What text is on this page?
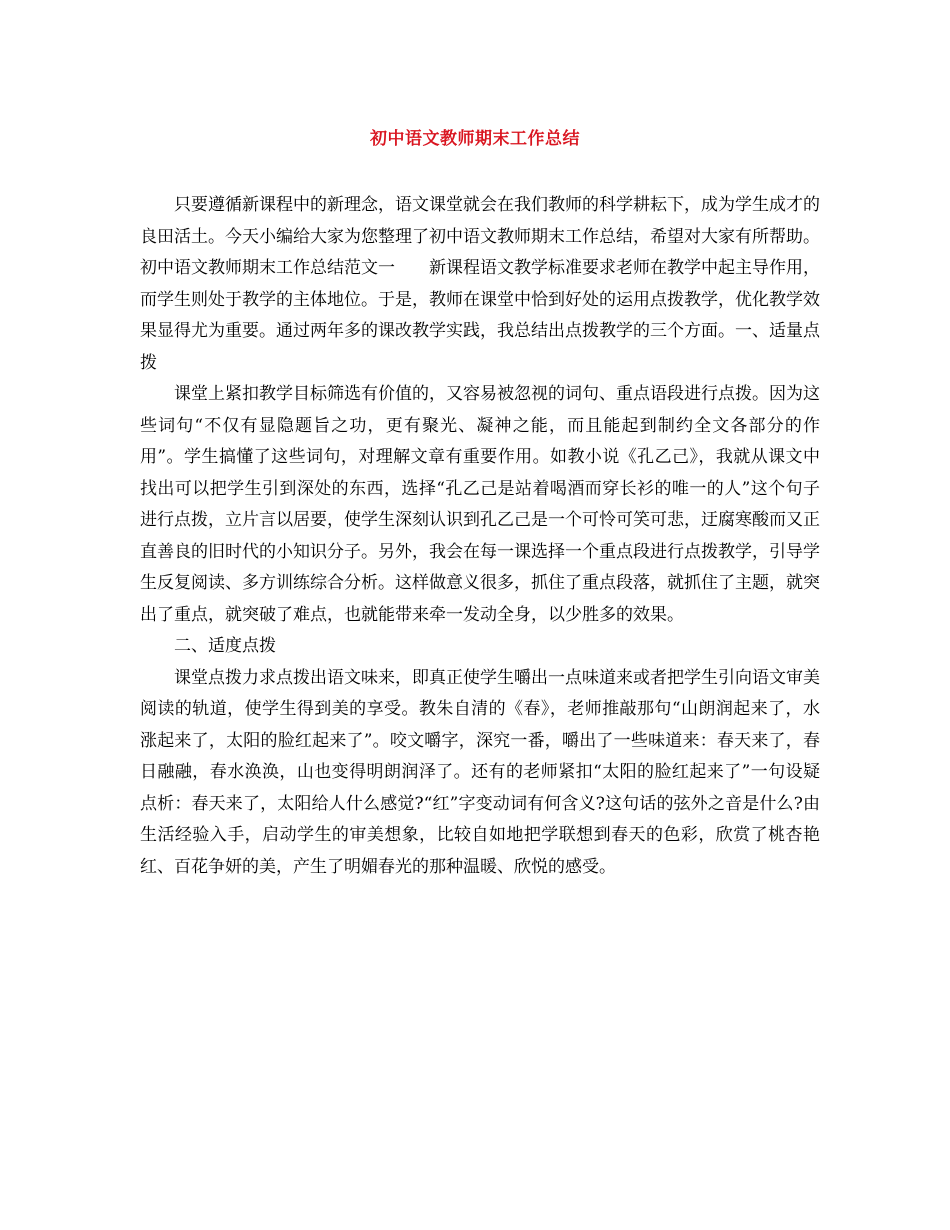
初中语文教师期末工作总结

只要遵循新课程中的新理念，语文课堂就会在我们教师的科学耕耘下，成为学生成才的良田活土。今天小编给大家为您整理了初中语文教师期末工作总结，希望对大家有所帮助。

初中语文教师期末工作总结范文一　　新课程语文教学标准要求老师在教学中起主导作用，而学生则处于教学的主体地位。于是，教师在课堂中恰到好处的运用点拨教学，优化教学效果显得尤为重要。通过两年多的课改教学实践，我总结出点拨教学的三个方面。一、适量点拨

课堂上紧扣教学目标筛选有价值的，又容易被忽视的词句、重点语段进行点拨。因为这些词句“不仅有显隐题旨之功，更有聚光、凝神之能，而且能起到制约全文各部分的作用”。学生搞懂了这些词句，对理解文章有重要作用。如教小说《孔乙己》，我就从课文中找出可以把学生引到深处的东西，选择“孔乙己是站着喝酒而穿长衫的唯一的人”这个句子进行点拨，立片言以居要，使学生深刻认识到孔乙己是一个可怜可笑可悲，迂腐寒酸而又正直善良的旧时代的小知识分子。另外，我会在每一课选择一个重点段进行点拨教学，引导学生反复阅读、多方训练综合分析。这样做意义很多，抓住了重点段落，就抓住了主题，就突出了重点，就突破了难点，也就能带来牵一发动全身，以少胜多的效果。

二、适度点拨

课堂点拨力求点拨出语文味来，即真正使学生嚼出一点味道来或者把学生引向语文审美阅读的轨道，使学生得到美的享受。教朱自清的《春》，老师推敲那句“山朗润起来了，水涨起来了，太阳的脸红起来了”。咬文嚼字，深究一番，嚼出了一些味道来：春天来了，春日融融，春水涣涣，山也变得明朗润泽了。还有的老师紧扣“太阳的脸红起来了”一句设疑点析：春天来了，太阳给人什么感觉?“红”字变动词有何含义?这句话的弦外之音是什么?由生活经验入手，启动学生的审美想象，比较自如地把学联想到春天的色彩，欣赏了桃杏艳红、百花争妍的美，产生了明媚春光的那种温暖、欣悦的感受。
